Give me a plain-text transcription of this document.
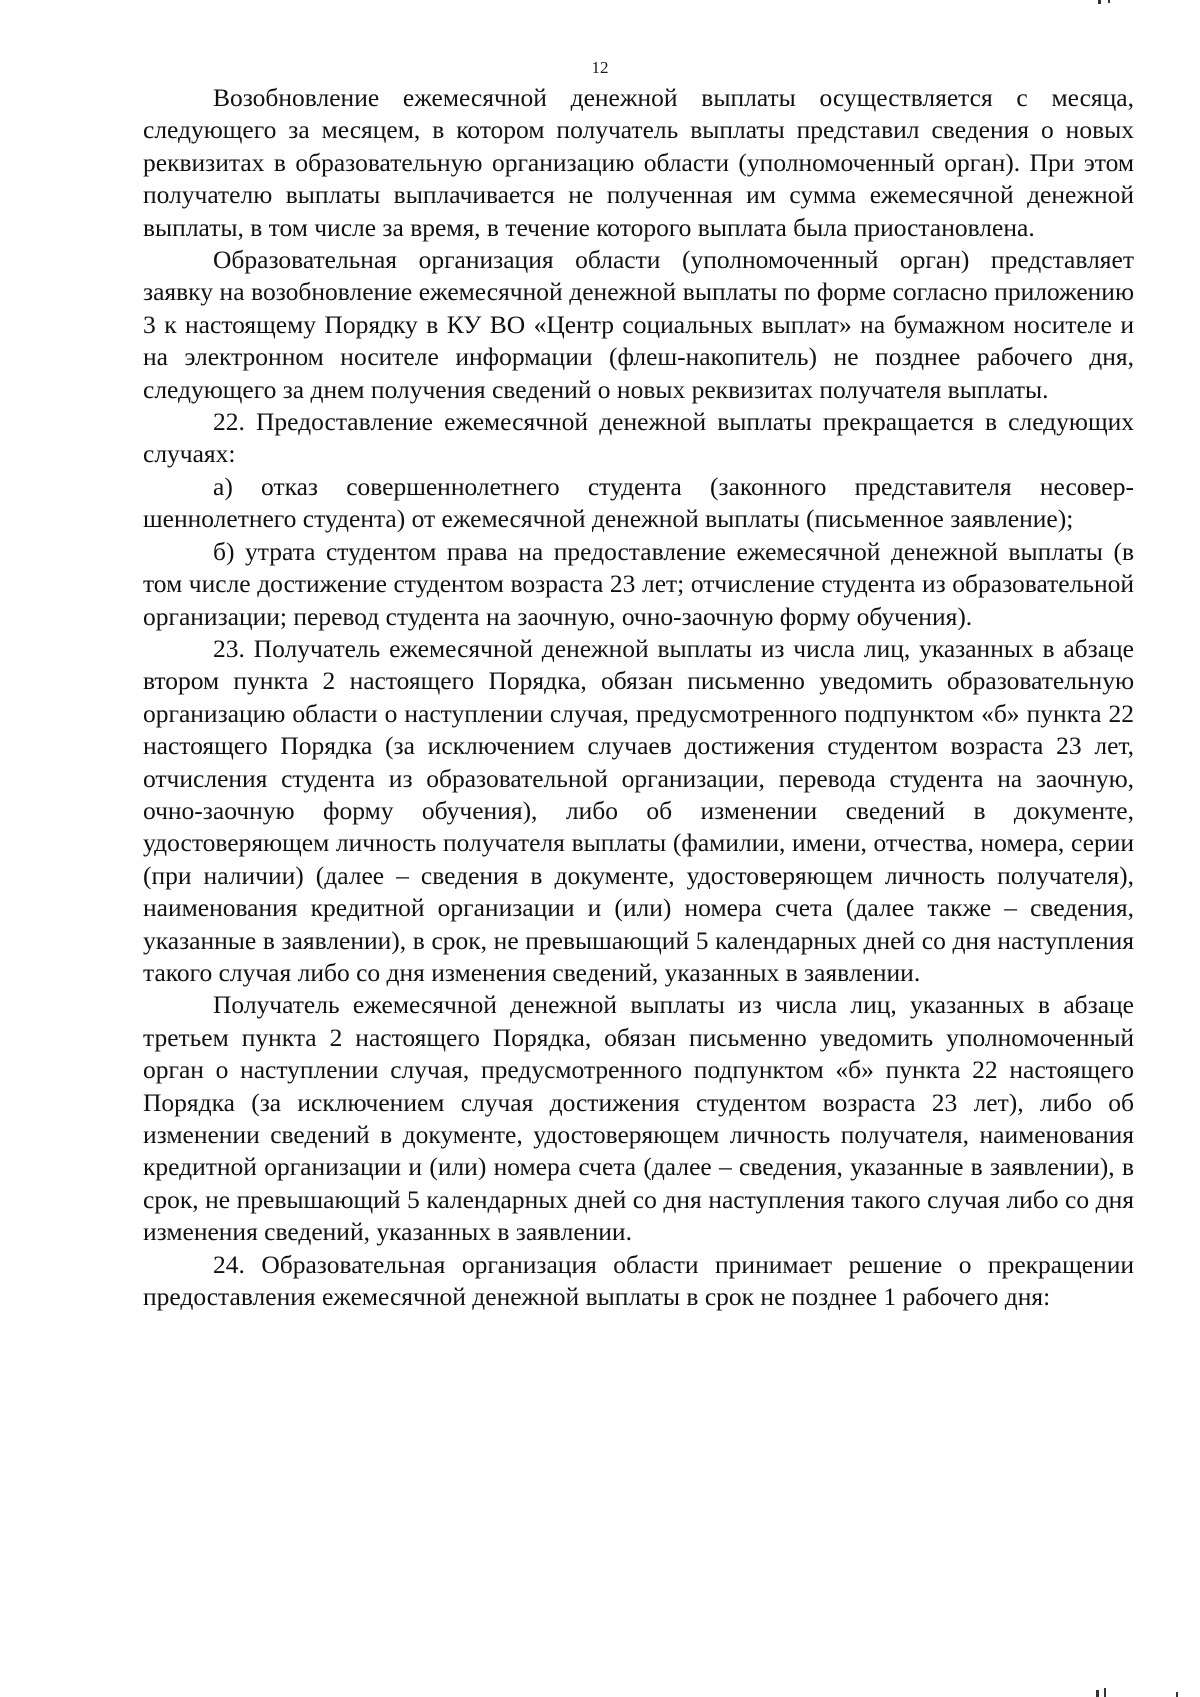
12

Возобновление ежемесячной денежной выплаты осуществляется с месяца, следующего за месяцем, в котором получатель выплаты представил сведения о новых реквизитах в образовательную организацию области (уполномоченный орган). При этом получателю выплаты выплачивается не полученная им сумма ежемесячной денежной выплаты, в том числе за время, в течение которого выплата была приостановлена.

Образовательная организация области (уполномоченный орган) представляет заявку на возобновление ежемесячной денежной выплаты по форме согласно приложению 3 к настоящему Порядку в КУ ВО «Центр социальных выплат» на бумажном носителе и на электронном носителе информации (флеш-накопитель) не позднее рабочего дня, следующего за днем получения сведений о новых реквизитах получателя выплаты.

22. Предоставление ежемесячной денежной выплаты прекращается в следующих случаях:

а) отказ совершеннолетнего студента (законного представителя несовершеннолетнего студента) от ежемесячной денежной выплаты (письменное заявление);

б) утрата студентом права на предоставление ежемесячной денежной выплаты (в том числе достижение студентом возраста 23 лет; отчисление студента из образовательной организации; перевод студента на заочную, очно-заочную форму обучения).

23. Получатель ежемесячной денежной выплаты из числа лиц, указанных в абзаце втором пункта 2 настоящего Порядка, обязан письменно уведомить образовательную организацию области о наступлении случая, предусмотренного подпунктом «б» пункта 22 настоящего Порядка (за исключением случаев достижения студентом возраста 23 лет, отчисления студента из образовательной организации, перевода студента на заочную, очно-заочную форму обучения), либо об изменении сведений в документе, удостоверяющем личность получателя выплаты (фамилии, имени, отчества, номера, серии (при наличии) (далее – сведения в документе, удостоверяющем личность получателя), наименования кредитной организации и (или) номера счета (далее также – сведения, указанные в заявлении), в срок, не превышающий 5 календарных дней со дня наступления такого случая либо со дня изменения сведений, указанных в заявлении.

Получатель ежемесячной денежной выплаты из числа лиц, указанных в абзаце третьем пункта 2 настоящего Порядка, обязан письменно уведомить уполномоченный орган о наступлении случая, предусмотренного подпунктом «б» пункта 22 настоящего Порядка (за исключением случая достижения студентом возраста 23 лет), либо об изменении сведений в документе, удостоверяющем личность получателя, наименования кредитной организации и (или) номера счета (далее – сведения, указанные в заявлении), в срок, не превышающий 5 календарных дней со дня наступления такого случая либо со дня изменения сведений, указанных в заявлении.

24. Образовательная организация области принимает решение о прекращении предоставления ежемесячной денежной выплаты в срок не позднее 1 рабочего дня:
